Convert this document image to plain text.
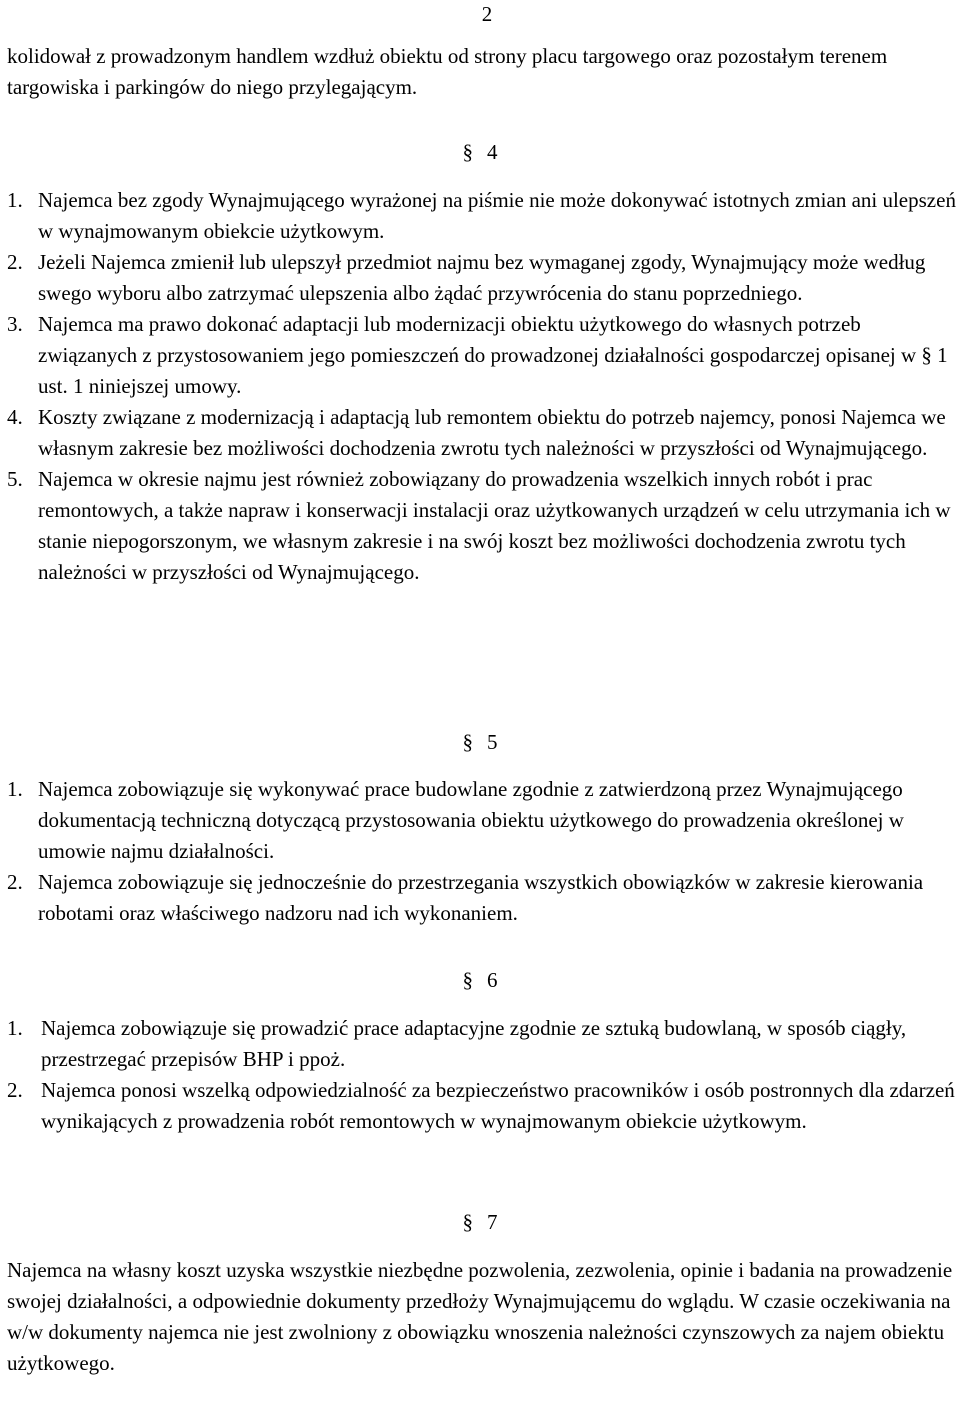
2

kolidował z prowadzonym handlem wzdłuż obiektu od strony placu targowego oraz pozostałym terenem targowiska i parkingów do niego przylegającym.

§ 4
1. Najemca bez zgody Wynajmującego wyrażonej na piśmie nie może dokonywać istotnych zmian ani ulepszeń w wynajmowanym obiekcie użytkowym.
2. Jeżeli Najemca zmienił lub ulepszył przedmiot najmu bez wymaganej zgody, Wynajmujący może według swego wyboru albo zatrzymać ulepszenia albo żądać przywrócenia do stanu poprzedniego.
3. Najemca ma prawo dokonać adaptacji lub modernizacji obiektu użytkowego do własnych potrzeb związanych z przystosowaniem jego pomieszczeń do prowadzonej działalności gospodarczej opisanej w § 1 ust. 1 niniejszej umowy.
4. Koszty związane z modernizacją i adaptacją lub remontem obiektu do potrzeb najemcy, ponosi Najemca we własnym zakresie bez możliwości dochodzenia zwrotu tych należności w przyszłości od Wynajmującego.
5. Najemca w okresie najmu jest również zobowiązany do prowadzenia wszelkich innych robót i prac remontowych, a także napraw i konserwacji instalacji oraz użytkowanych urządzeń w celu utrzymania ich w stanie niepogorszonym, we własnym zakresie i na swój koszt bez możliwości dochodzenia zwrotu tych należności w przyszłości od Wynajmującego.
§ 5
1. Najemca zobowiązuje się wykonywać prace budowlane zgodnie z zatwierdzoną przez Wynajmującego dokumentacją techniczną dotyczącą przystosowania obiektu użytkowego do prowadzenia określonej w umowie najmu działalności.
2. Najemca zobowiązuje się jednocześnie do przestrzegania wszystkich obowiązków w zakresie kierowania robotami oraz właściwego nadzoru nad ich wykonaniem.
§ 6
1. Najemca zobowiązuje się prowadzić prace adaptacyjne zgodnie ze sztuką budowlaną, w sposób ciągły, przestrzegać przepisów BHP i ppoż.
2. Najemca ponosi wszelką odpowiedzialność za bezpieczeństwo pracowników i osób postronnych dla zdarzeń wynikających z prowadzenia robót remontowych w wynajmowanym obiekcie użytkowym.
§ 7

Najemca na własny koszt uzyska wszystkie niezbędne pozwolenia, zezwolenia, opinie i badania na prowadzenie swojej działalności, a odpowiednie dokumenty przedłoży Wynajmującemu do wglądu. W czasie oczekiwania na w/w dokumenty najemca nie jest zwolniony z obowiązku wnoszenia należności czynszowych za najem obiektu użytkowego.
